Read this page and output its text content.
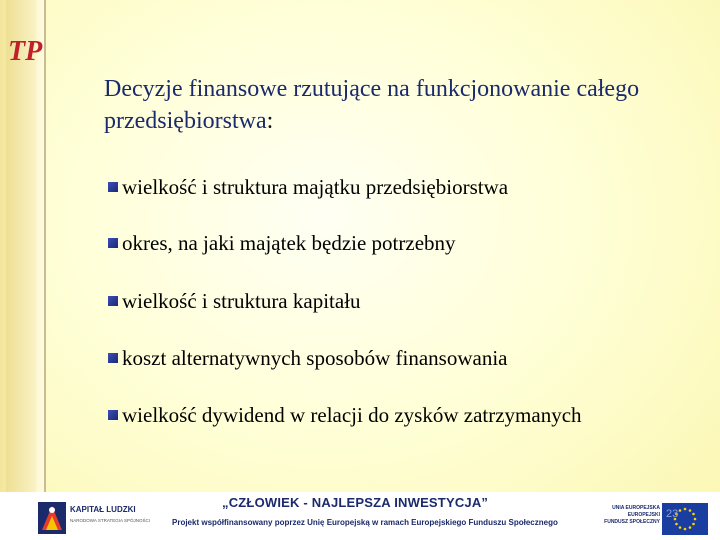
TP
Decyzje finansowe rzutujące na funkcjonowanie całego przedsiębiorstwa:
wielkość i struktura majątku przedsiębiorstwa
okres, na jaki majątek będzie potrzebny
wielkość i struktura kapitału
koszt alternatywnych sposobów finansowania
wielkość dywidend w relacji do zysków zatrzymanych
KAPITAŁ LUDZKI
NARODOWA STRATEGIA SPÓJNOŚCI
„CZŁOWIEK - NAJLEPSZA INWESTYCJA”
Projekt współfinansowany poprzez Unię Europejską w ramach Europejskiego Funduszu Społecznego
UNIA EUROPEJSKA
EUROPEJSKI
FUNDUSZ SPOŁECZNY
23
